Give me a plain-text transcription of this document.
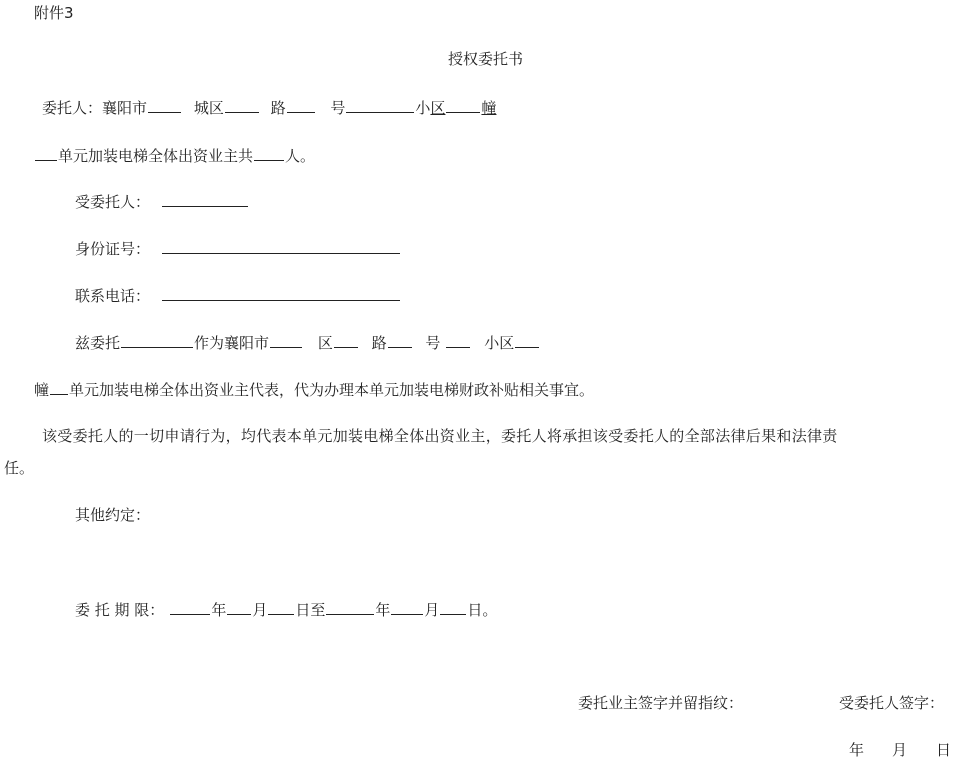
附件3
授权委托书
委托人：襄阳市	城区	路	号	小区 幢
单元加装电梯全体出资业主共 人。
受委托人：
身份证号：
联系电话：
兹委托	作为襄阳市	区	路	号	小区
幢 单元加装电梯全体出资业主代表，代为办理本单元加装电梯财政补贴相关事宜。
该受委托人的一切申请行为，均代表本单元加装电梯全体出资业主，委托人将承担该受委托人的全部法律后果和法律责
任。
其他约定：
委 托 期 限：	年 月 日至	年 月 日。
委托业主签字并留指纹：	受委托人签字：
年 月 日
